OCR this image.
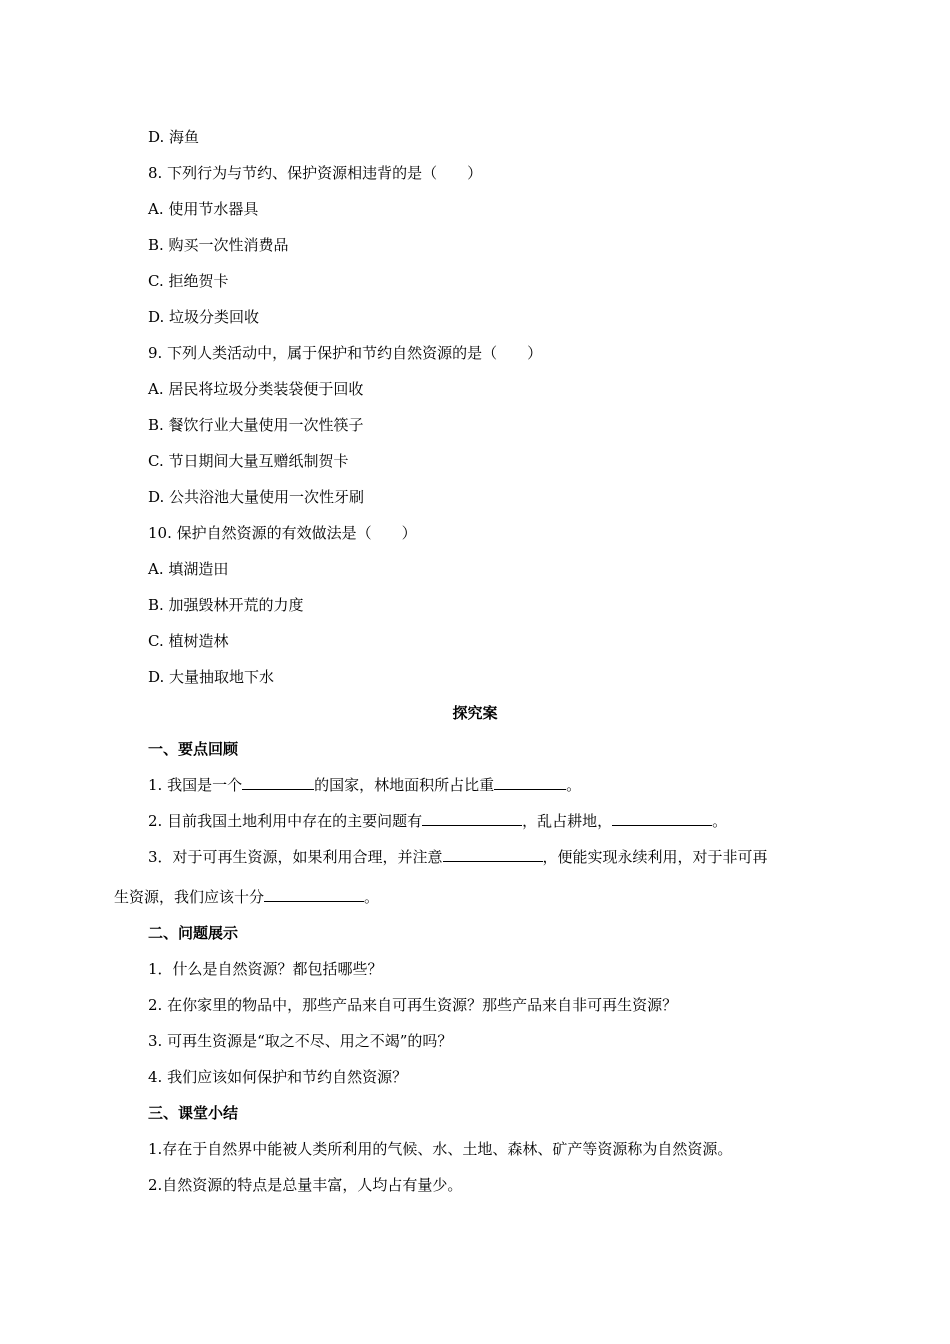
D. 海鱼
8. 下列行为与节约、保护资源相违背的是（　　）
A. 使用节水器具
B. 购买一次性消费品
C. 拒绝贺卡
D. 垃圾分类回收
9. 下列人类活动中，属于保护和节约自然资源的是（　　）
A. 居民将垃圾分类装袋便于回收
B. 餐饮行业大量使用一次性筷子
C. 节日期间大量互赠纸制贺卡
D. 公共浴池大量使用一次性牙刷
10. 保护自然资源的有效做法是（　　）
A. 填湖造田
B. 加强毁林开荒的力度
C. 植树造林
D. 大量抽取地下水
探究案
一、要点回顾
1. 我国是一个	的国家，林地面积所占比重	。
2. 目前我国土地利用中存在的主要问题有	，乱占耕地，	。
3．对于可再生资源，如果利用合理，并注意	，便能实现永续利用，对于非可再
生资源，我们应该十分	。
二、问题展示
1．什么是自然资源？都包括哪些？
2. 在你家里的物品中，那些产品来自可再生资源？那些产品来自非可再生资源？
3. 可再生资源是“取之不尽、用之不竭”的吗？
4. 我们应该如何保护和节约自然资源？
三、课堂小结
1.存在于自然界中能被人类所利用的气候、水、土地、森林、矿产等资源称为自然资源。
2.自然资源的特点是总量丰富，人均占有量少。
